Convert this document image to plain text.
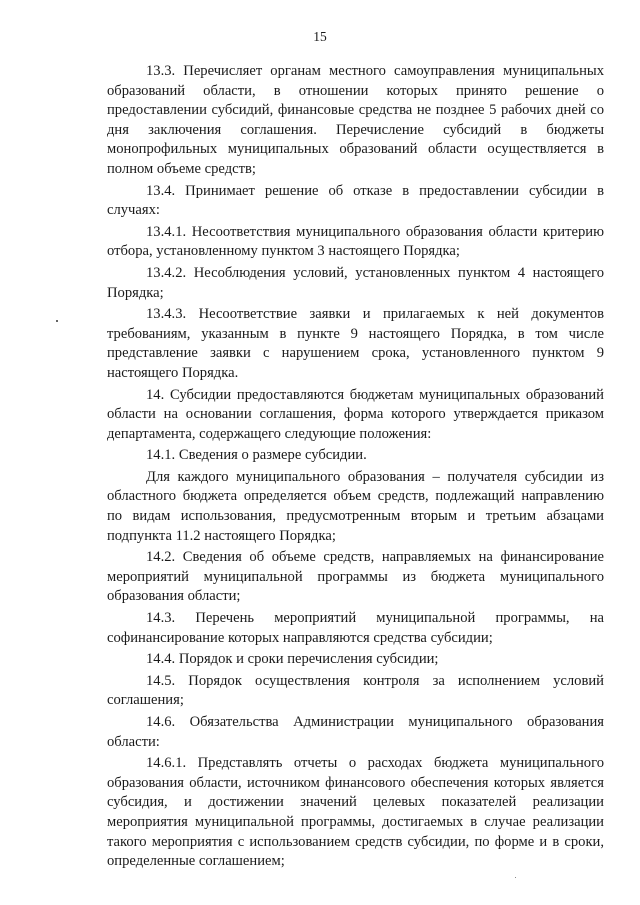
15

13.3. Перечисляет органам местного самоуправления муниципальных образований области, в отношении которых принято решение о предоставлении субсидий, финансовые средства не позднее 5 рабочих дней со дня заключения соглашения. Перечисление субсидий в бюджеты монопрофильных муниципальных образований области осуществляется в полном объеме средств;

13.4. Принимает решение об отказе в предоставлении субсидии в случаях:

13.4.1. Несоответствия муниципального образования области критерию отбора, установленному пунктом 3 настоящего Порядка;

13.4.2. Несоблюдения условий, установленных пунктом 4 настоящего Порядка;

13.4.3. Несоответствие заявки и прилагаемых к ней документов требованиям, указанным в пункте 9 настоящего Порядка, в том числе представление заявки с нарушением срока, установленного пунктом 9 настоящего Порядка.

14. Субсидии предоставляются бюджетам муниципальных образований области на основании соглашения, форма которого утверждается приказом департамента, содержащего следующие положения:

14.1. Сведения о размере субсидии.

Для каждого муниципального образования – получателя субсидии из областного бюджета определяется объем средств, подлежащий направлению по видам использования, предусмотренным вторым и третьим абзацами подпункта 11.2 настоящего Порядка;

14.2. Сведения об объеме средств, направляемых на финансирование мероприятий муниципальной программы из бюджета муниципального образования области;

14.3. Перечень мероприятий муниципальной программы, на софинансирование которых направляются средства субсидии;

14.4. Порядок и сроки перечисления субсидии;

14.5. Порядок осуществления контроля за исполнением условий соглашения;

14.6. Обязательства Администрации муниципального образования области:

14.6.1. Представлять отчеты о расходах бюджета муниципального образования области, источником финансового обеспечения которых является субсидия, и достижении значений целевых показателей реализации мероприятия муниципальной программы, достигаемых в случае реализации такого мероприятия с использованием средств субсидии, по форме и в сроки, определенные соглашением;
